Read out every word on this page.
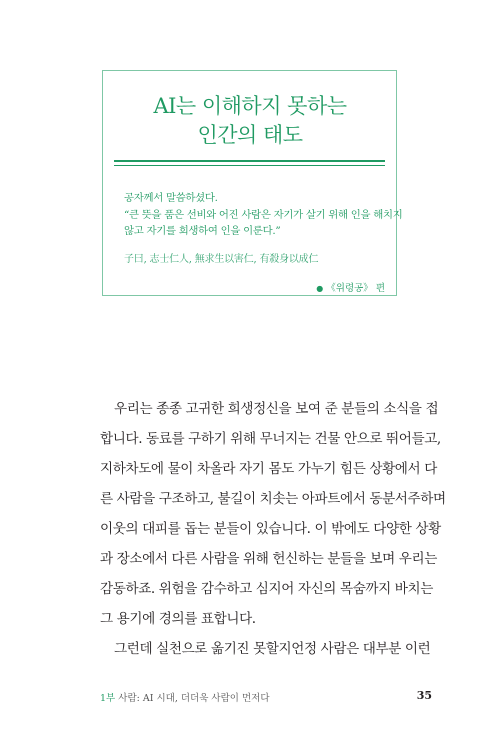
AI는 이해하지 못하는
인간의 태도
공자께서 말씀하셨다.
“큰 뜻을 품은 선비와 어진 사람은 자기가 살기 위해 인을 해치지
않고 자기를 희생하여 인을 이룬다.”
子曰, 志士仁人, 無求生以害仁, 有殺身以成仁
● 《위령공》 편
우리는 종종 고귀한 희생정신을 보여 준 분들의 소식을 접
합니다. 동료를 구하기 위해 무너지는 건물 안으로 뛰어들고,
지하차도에 물이 차올라 자기 몸도 가누기 힘든 상황에서 다
른 사람을 구조하고, 불길이 치솟는 아파트에서 동분서주하며
이웃의 대피를 돕는 분들이 있습니다. 이 밖에도 다양한 상황
과 장소에서 다른 사람을 위해 헌신하는 분들을 보며 우리는
감동하죠. 위험을 감수하고 심지어 자신의 목숨까지 바치는
그 용기에 경의를 표합니다.
그런데 실천으로 옮기진 못할지언정 사람은 대부분 이런
1부 사람: AI 시대, 더더욱 사람이 먼저다	35
